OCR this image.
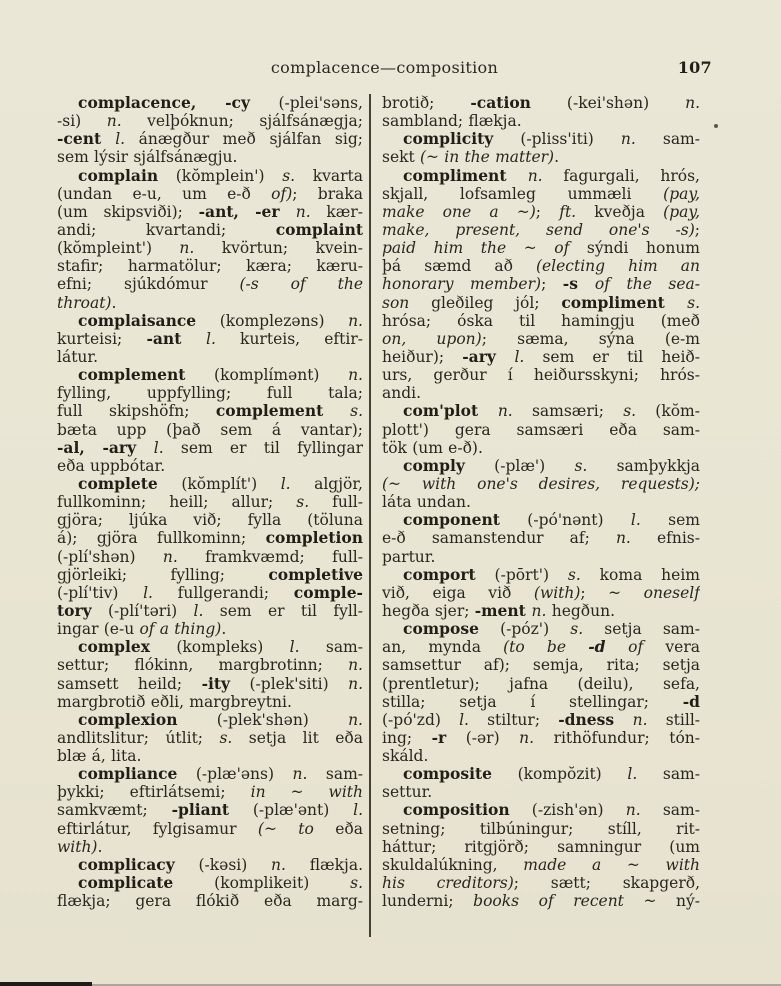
complacence—composition	107
complacence, -cy (-plei'səns,
-si) n. velþóknun; sjálfsánægja;
-cent l. ánægður með sjálfan sig;
sem lýsir sjálfsánægju.
complain (kŏmplein') s. kvarta
(undan e-u, um e-ð of); braka
(um skipsviði); -ant, -er n. kær-
andi; kvartandi; complaint
(kŏmpleint') n. kvörtun; kvein-
stafir; harmatölur; kæra; kæru-
efni; sjúkdómur (-s of the
throat).
complaisance (komplezəns) n.
kurteisi; -ant l. kurteis, eftir-
látur.
complement (komplímənt) n.
fylling, uppfylling; full tala;
full skipshöfn; complement s.
bæta upp (það sem á vantar);
-al, -ary l. sem er til fyllingar
eða uppbótar.
complete (kŏmplít') l. algjör,
fullkominn; heill; allur; s. full-
gjöra; ljúka við; fylla (töluna
á); gjöra fullkominn; completion
(-plí'shən) n. framkvæmd; full-
gjörleiki; fylling; completive
(-plí'tiv) l. fullgerandi; comple-
tory (-plí'təri) l. sem er til fyll-
ingar (e-u of a thing).
complex (kompleks) l. sam-
settur; flókinn, margbrotinn; n.
samsett heild; -ity (-plek'siti) n.
margbrotið eðli, margbreytni.
complexion (-plek'shən) n.
andlitslitur; útlit; s. setja lit eða
blæ á, lita.
compliance (-plæ'əns) n. sam-
þykki; eftirlátsemi; in ~ with
samkvæmt; -pliant (-plæ'ənt) l.
eftirlátur, fylgisamur (~ to eða
with).
complicacy (-kəsi) n. flækja.
complicate (komplikeit) s.
flækja; gera flókið eða marg-
brotið; -cation (-kei'shən) n.
sambland; flækja.
complicity (-pliss'iti) n. sam-
sekt (~ in the matter).
compliment n. fagurgali, hrós,
skjall, lofsamleg ummæli (pay,
make one a ~); ft. kveðja (pay,
make, present, send one's -s);
paid him the ~ of sýndi honum
þá sæmd að (electing him an
honorary member); -s of the sea-
son gleðileg jól; compliment s.
hrósa; óska til hamingju (með
on, upon); sæma, sýna (e-m
heiður); -ary l. sem er til heið-
urs, gerður í heiðursskyni; hrós-
andi.
com'plot n. samsæri; s. (kŏm-
plott') gera samsæri eða sam-
tök (um e-ð).
comply (-plæ') s. samþykkja
(~ with one's desires, requests);
láta undan.
component (-pó'nənt) l. sem
e-ð samanstendur af; n. efnis-
partur.
comport (-pōrt') s. koma heim
við, eiga við (with); ~ oneself
hegða sjer; -ment n. hegðun.
compose (-póz') s. setja sam-
an, mynda (to be -d of vera
samsettur af); semja, rita; setja
(prentletur); jafna (deilu), sefa,
stilla; setja í stellingar; -d
(-pó'zd) l. stiltur; -dness n. still-
ing; -r (-ər) n. rithöfundur; tón-
skáld.
composite (kompŏzit) l. sam-
settur.
composition (-zish'ən) n. sam-
setning; tilbúningur; stíll, rit-
háttur; ritgjörð; samningur (um
skuldalúkning, made a ~ with
his creditors); sætt; skapgerð,
lunderni; books of recent ~ ný-
